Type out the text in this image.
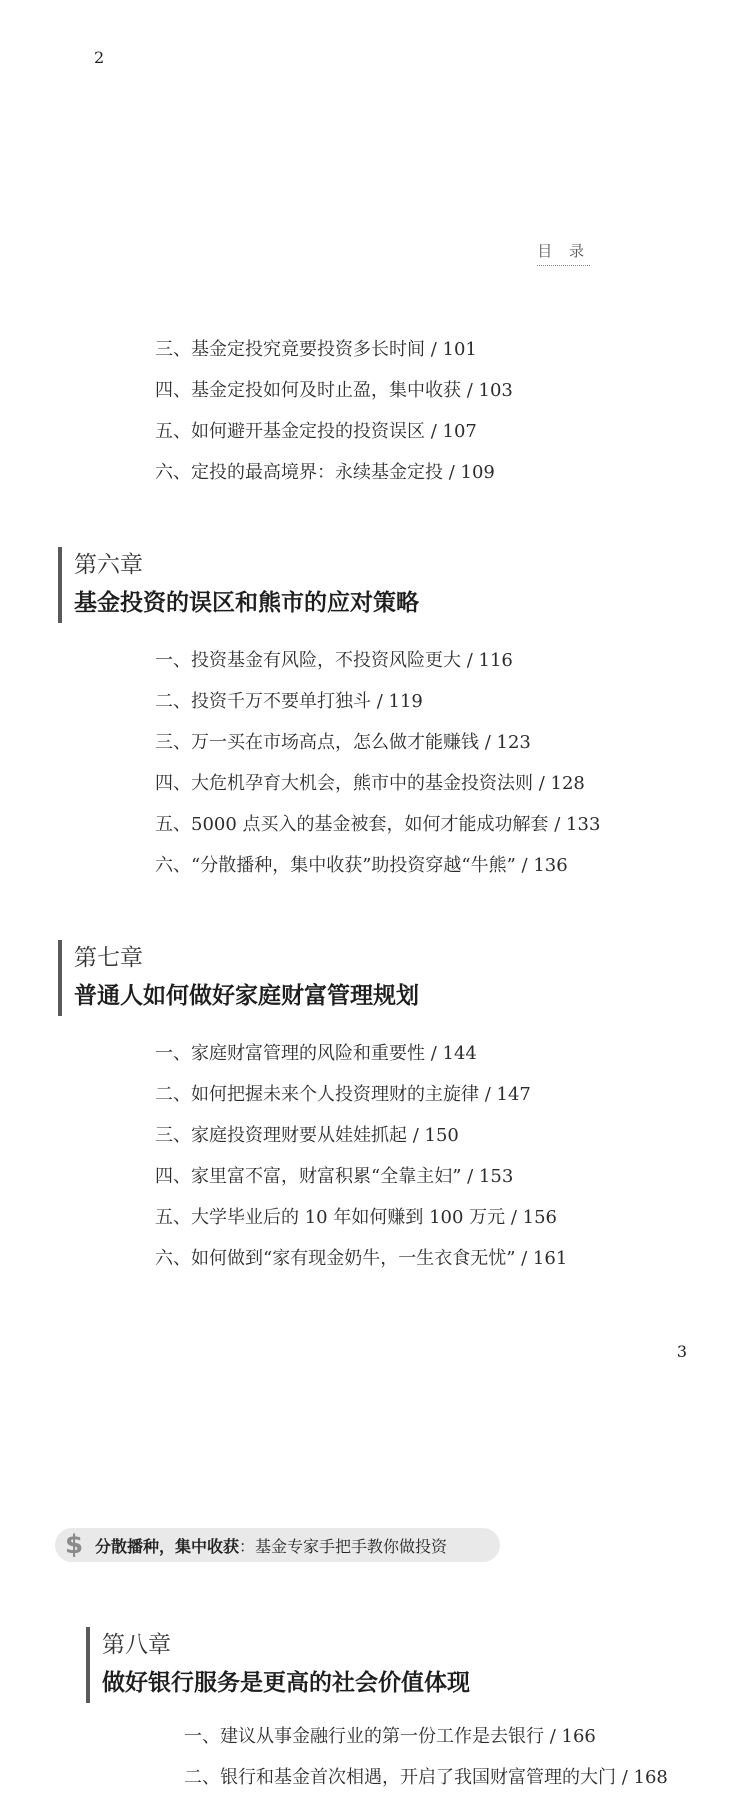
2
目 录
三、基金定投究竟要投资多长时间 / 101
四、基金定投如何及时止盈，集中收获 / 103
五、如何避开基金定投的投资误区 / 107
六、定投的最高境界：永续基金定投 / 109
第六章
基金投资的误区和熊市的应对策略
一、投资基金有风险，不投资风险更大 / 116
二、投资千万不要单打独斗 / 119
三、万一买在市场高点，怎么做才能赚钱 / 123
四、大危机孕育大机会，熊市中的基金投资法则 / 128
五、5000 点买入的基金被套，如何才能成功解套 / 133
六、“分散播种，集中收获”助投资穿越“牛熊” / 136
第七章
普通人如何做好家庭财富管理规划
一、家庭财富管理的风险和重要性 / 144
二、如何把握未来个人投资理财的主旋律 / 147
三、家庭投资理财要从娃娃抓起 / 150
四、家里富不富，财富积累“全靠主妇” / 153
五、大学毕业后的 10 年如何赚到 100 万元 / 156
六、如何做到“家有现金奶牛，一生衣食无忧” / 161
3
$ 分散播种，集中收获 ：基金专家手把手教你做投资
第八章
做好银行服务是更高的社会价值体现
一、建议从事金融行业的第一份工作是去银行 / 166
二、银行和基金首次相遇，开启了我国财富管理的大门 / 168
